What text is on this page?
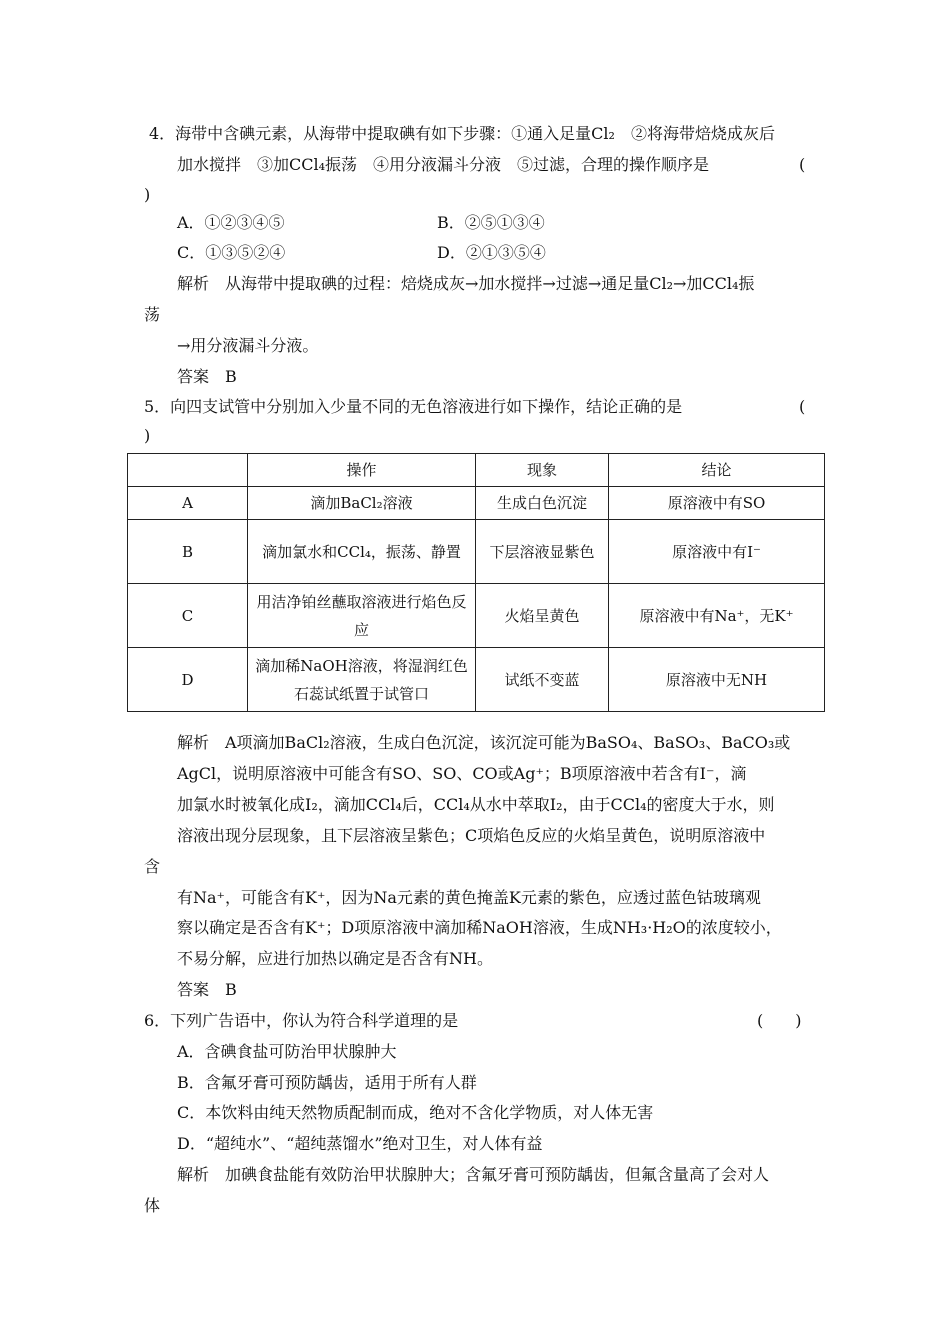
4．海带中含碘元素，从海带中提取碘有如下步骤：①通入足量Cl₂　②将海带焙烧成灰后
加水搅拌　③加CCl₄振荡　④用分液漏斗分液　⑤过滤，合理的操作顺序是	(
)
A．①②③④⑤	B．②⑤①③④
C．①③⑤②④	D．②①③⑤④
解析　从海带中提取碘的过程：焙烧成灰→加水搅拌→过滤→通足量Cl₂→加CCl₄振
荡
→用分液漏斗分液。
答案　B
5．向四支试管中分别加入少量不同的无色溶液进行如下操作，结论正确的是	(
)
	操作	现象	结论
A	滴加BaCl₂溶液	生成白色沉淀	原溶液中有SO
B	滴加氯水和CCl₄，振荡、静置	下层溶液显紫色	原溶液中有I⁻
C	用洁净铂丝蘸取溶液进行焰色反应	火焰呈黄色	原溶液中有Na⁺，无K⁺
D	滴加稀NaOH溶液，将湿润红色石蕊试纸置于试管口	试纸不变蓝	原溶液中无NH
解析　A项滴加BaCl₂溶液，生成白色沉淀，该沉淀可能为BaSO₄、BaSO₃、BaCO₃或
AgCl，说明原溶液中可能含有SO、SO、CO或Ag⁺；B项原溶液中若含有I⁻，滴
加氯水时被氧化成I₂，滴加CCl₄后，CCl₄从水中萃取I₂，由于CCl₄的密度大于水，则
溶液出现分层现象，且下层溶液呈紫色；C项焰色反应的火焰呈黄色，说明原溶液中
含
有Na⁺，可能含有K⁺，因为Na元素的黄色掩盖K元素的紫色，应透过蓝色钴玻璃观
察以确定是否含有K⁺；D项原溶液中滴加稀NaOH溶液，生成NH₃·H₂O的浓度较小，
不易分解，应进行加热以确定是否含有NH。
答案　B
6．下列广告语中，你认为符合科学道理的是	(　　)
A．含碘食盐可防治甲状腺肿大
B．含氟牙膏可预防龋齿，适用于所有人群
C．本饮料由纯天然物质配制而成，绝对不含化学物质，对人体无害
D．“超纯水”、“超纯蒸馏水”绝对卫生，对人体有益
解析　加碘食盐能有效防治甲状腺肿大；含氟牙膏可预防龋齿，但氟含量高了会对人
体
